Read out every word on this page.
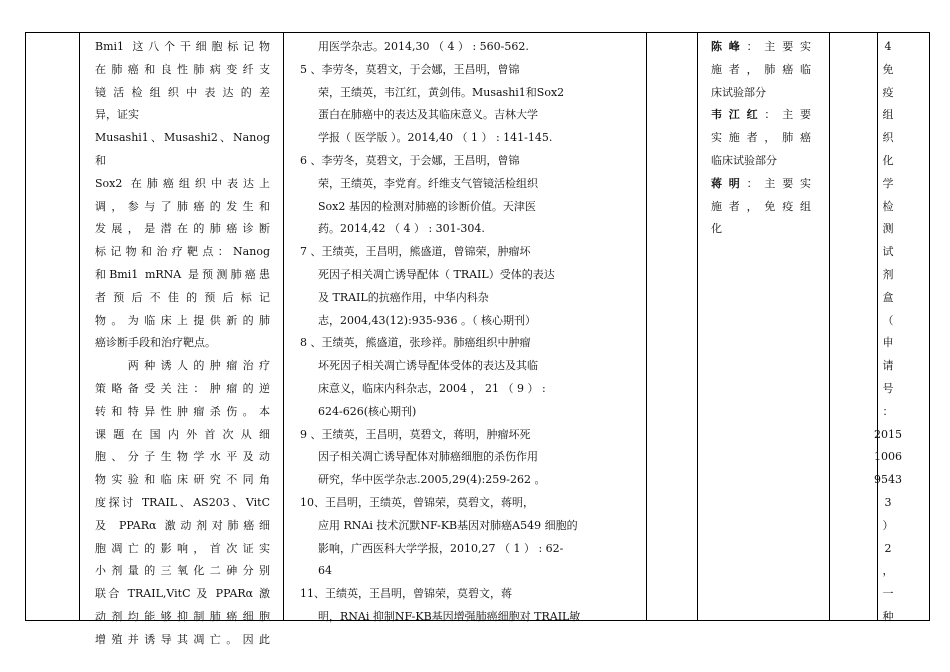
Bmi1 这八个干细胞标记物

在肺癌和良性肺病变纤支

镜活检组织中表达的差

异，证实

Musashi1、Musashi2、Nanog和

Sox2 在肺癌组织中表达上

调，参与了肺癌的发生和

发展，是潜在的肺癌诊断

标记物和治疗靶点：Nanog

和Bmi1 mRNA 是预测肺癌患

者预后不佳的预后标记

物。为临床上提供新的肺

癌诊断手段和治疗靶点。

　　两种诱人的肿瘤治疗

策略备受关注：肿瘤的逆

转和特异性肿瘤杀伤。本

课题在国内外首次从细

胞、分子生物学水平及动

物实验和临床研究不同角

度探讨 TRAIL、AS203、VitC

及 PPARα 激动剂对肺癌细

胞凋亡的影响，首次证实

小剂量的三氧化二砷分别

联合 TRAIL,VitC 及 PPARα 激

动剂均能够抑制肺癌细胞

增殖并诱导其凋亡。因此

用医学杂志。2014,30 （ 4 ） : 560-562.

5 、李劳冬，莫碧文，于会娜，王昌明，曾锦

荣，王绩英，韦江红，黄剑伟。Musashi1和Sox2

蛋白在肺癌中的表达及其临床意义。吉林大学

学报（ 医学版 ）。2014,40 （ 1 ） : 141-145.

6 、李劳冬，莫碧文，于会娜，王昌明，曾锦

荣，王绩英，李党育。纤维支气管镜活检组织

Sox2 基因的检测对肺癌的诊断价值。天津医

药。2014,42 （ 4 ） : 301-304.

7 、王绩英，王昌明，熊盛道，曾锦荣，肿瘤坏

死因子相关凋亡诱导配体（ TRAIL）受体的表达

及 TRAIL的抗癌作用，中华内科杂

志，2004,43(12):935-936 。（ 核心期刊）

8 、王绩英，熊盛道，张珍祥。肺癌组织中肿瘤

坏死因子相关凋亡诱导配体受体的表达及其临

床意义，临床内科杂志，2004 ， 21 （ 9 ） :

624-626(核心期刊)

9 、王绩英，王昌明，莫碧文，蒋明，肿瘤坏死

因子相关凋亡诱导配体对肺癌细胞的杀伤作用

研究，华中医学杂志.2005,29(4):259-262 。

10、王昌明，王绩英，曾锦荣，莫碧文，蒋明，

应用 RNAi 技术沉默NF-KB基因对肺癌A549 细胞的

影响，广西医科大学学报，2010,27 （ 1 ） : 62-

64

11、王绩英，王昌明，曾锦荣，莫碧文，蒋

明，RNAi 抑制NF-KB基因增强肺癌细胞对 TRAIL敏

陈峰：主要实

施者，肺癌临

床试验部分

韦江红：主要

实施者，肺癌

临床试验部分

蒋明：主要实

施者，免疫组

化

4

免

疫

组

织

化

学

检

测

试

剂

盒

（

申

请

号

：

2015

1006

9543

3

）

2

，

一

种
